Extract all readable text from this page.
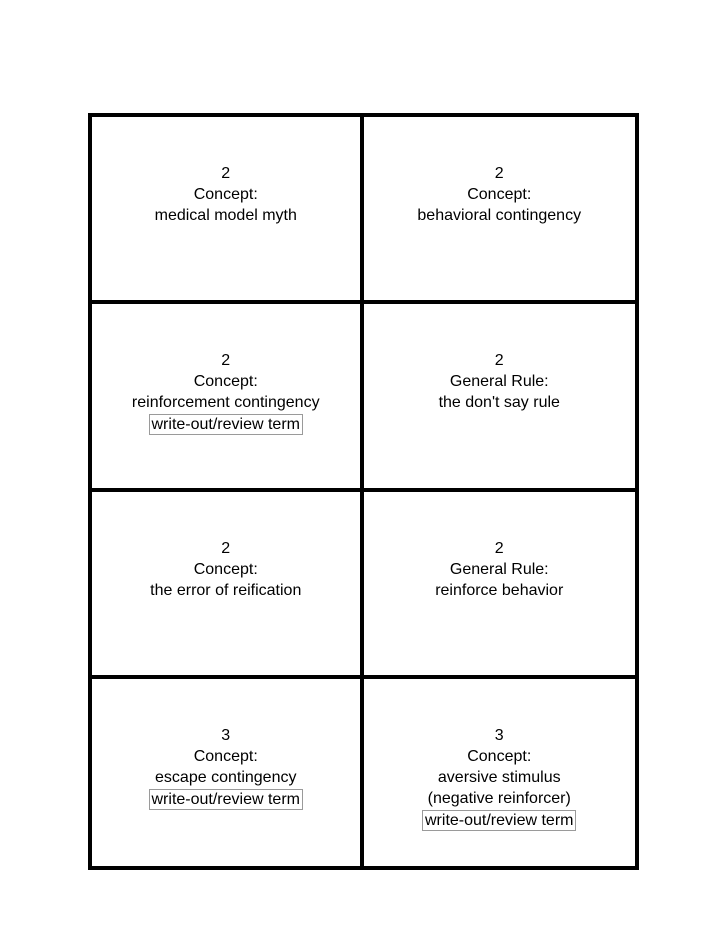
2
Concept:
medical model myth
2
Concept:
behavioral contingency
2
Concept:
reinforcement contingency
write-out/review term
2
General Rule:
the don't say rule
2
Concept:
the error of reification
2
General Rule:
reinforce behavior
3
Concept:
escape contingency
write-out/review term
3
Concept:
aversive stimulus
(negative reinforcer)
write-out/review term
